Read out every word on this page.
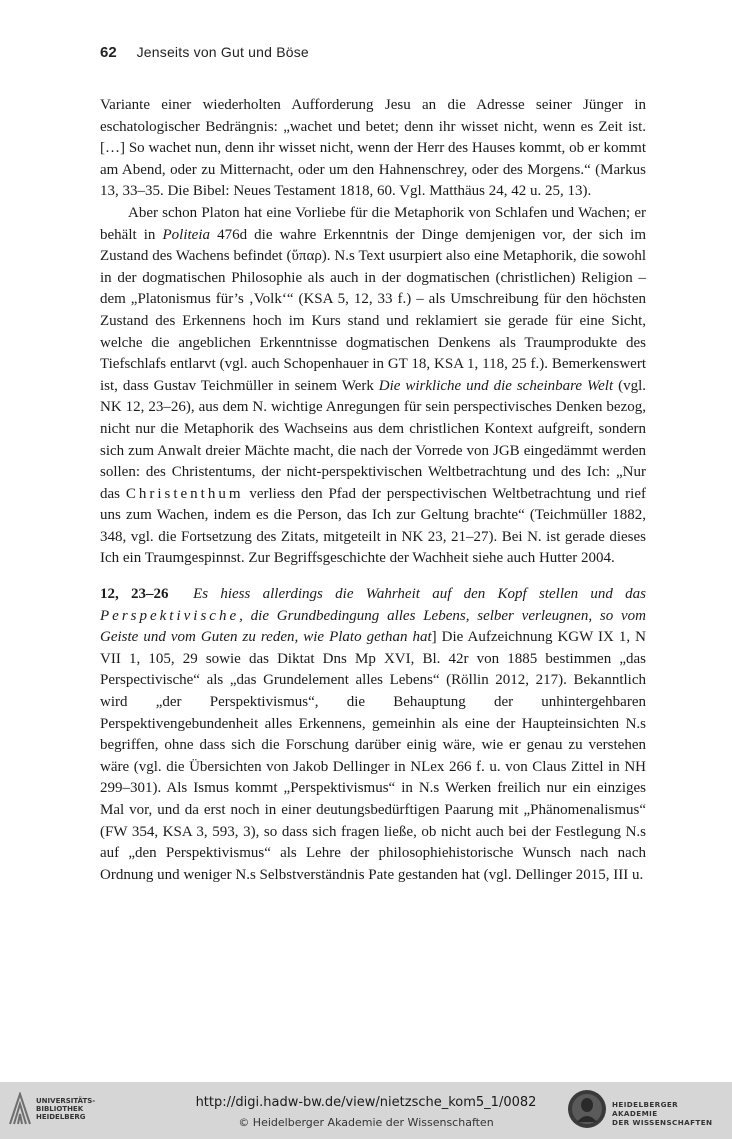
62 Jenseits von Gut und Böse

Variante einer wiederholten Aufforderung Jesu an die Adresse seiner Jünger in eschatologischer Bedrängnis: „wachet und betet; denn ihr wisset nicht, wenn es Zeit ist. […] So wachet nun, denn ihr wisset nicht, wenn der Herr des Hauses kommt, ob er kommt am Abend, oder zu Mitternacht, oder um den Hahnenschrey, oder des Morgens.“ (Markus 13, 33–35. Die Bibel: Neues Testament 1818, 60. Vgl. Matthäus 24, 42 u. 25, 13).

Aber schon Platon hat eine Vorliebe für die Metaphorik von Schlafen und Wachen; er behält in Politeia 476d die wahre Erkenntnis der Dinge demjenigen vor, der sich im Zustand des Wachens befindet (ὕπαρ). N.s Text usurpiert also eine Metaphorik, die sowohl in der dogmatischen Philosophie als auch in der dogmatischen (christlichen) Religion – dem „Platonismus für’s ‚Volk‘“ (KSA 5, 12, 33 f.) – als Umschreibung für den höchsten Zustand des Erkennens hoch im Kurs stand und reklamiert sie gerade für eine Sicht, welche die angeblichen Erkenntnisse dogmatischen Denkens als Traumprodukte des Tiefschlafs entlarvt (vgl. auch Schopenhauer in GT 18, KSA 1, 118, 25 f.). Bemerkenswert ist, dass Gustav Teichmüller in seinem Werk Die wirkliche und die scheinbare Welt (vgl. NK 12, 23–26), aus dem N. wichtige Anregungen für sein perspectivisches Denken bezog, nicht nur die Metaphorik des Wachseins aus dem christlichen Kontext aufgreift, sondern sich zum Anwalt dreier Mächte macht, die nach der Vorrede von JGB eingedämmt werden sollen: des Christentums, der nicht-perspektivischen Weltbetrachtung und des Ich: „Nur das Christenthum verliess den Pfad der perspectivischen Weltbetrachtung und rief uns zum Wachen, indem es die Person, das Ich zur Geltung brachte“ (Teichmüller 1882, 348, vgl. die Fortsetzung des Zitats, mitgeteilt in NK 23, 21–27). Bei N. ist gerade dieses Ich ein Traumgespinnst. Zur Begriffsgeschichte der Wachheit siehe auch Hutter 2004.

12, 23–26 Es hiess allerdings die Wahrheit auf den Kopf stellen und das Perspektivische, die Grundbedingung alles Lebens, selber verleugnen, so vom Geiste und vom Guten zu reden, wie Plato gethan hat] Die Aufzeichnung KGW IX 1, N VII 1, 105, 29 sowie das Diktat Dns Mp XVI, Bl. 42r von 1885 bestimmen „das Perspectivische“ als „das Grundelement alles Lebens“ (Röllin 2012, 217). Bekanntlich wird „der Perspektivismus“, die Behauptung der unhintergehbaren Perspektivengebundenheit alles Erkennens, gemeinhin als eine der Haupteinsichten N.s begriffen, ohne dass sich die Forschung darüber einig wäre, wie er genau zu verstehen wäre (vgl. die Übersichten von Jakob Dellinger in NLex 266 f. u. von Claus Zittel in NH 299–301). Als Ismus kommt „Perspektivismus“ in N.s Werken freilich nur ein einziges Mal vor, und da erst noch in einer deutungsbedürftigen Paarung mit „Phänomenalismus“ (FW 354, KSA 3, 593, 3), so dass sich fragen ließe, ob nicht auch bei der Festlegung N.s auf „den Perspektivismus“ als Lehre der philosophiehistorische Wunsch nach nach Ordnung und weniger N.s Selbstverständnis Pate gestanden hat (vgl. Dellinger 2015, III u.

UNIVERSITÄTS-
BIBLIOTHEK
HEIDELBERG
http://digi.hadw-bw.de/view/nietzsche_kom5_1/0082
© Heidelberger Akademie der Wissenschaften
HEIDELBERGER AKADEMIE
DER WISSENSCHAFTEN
